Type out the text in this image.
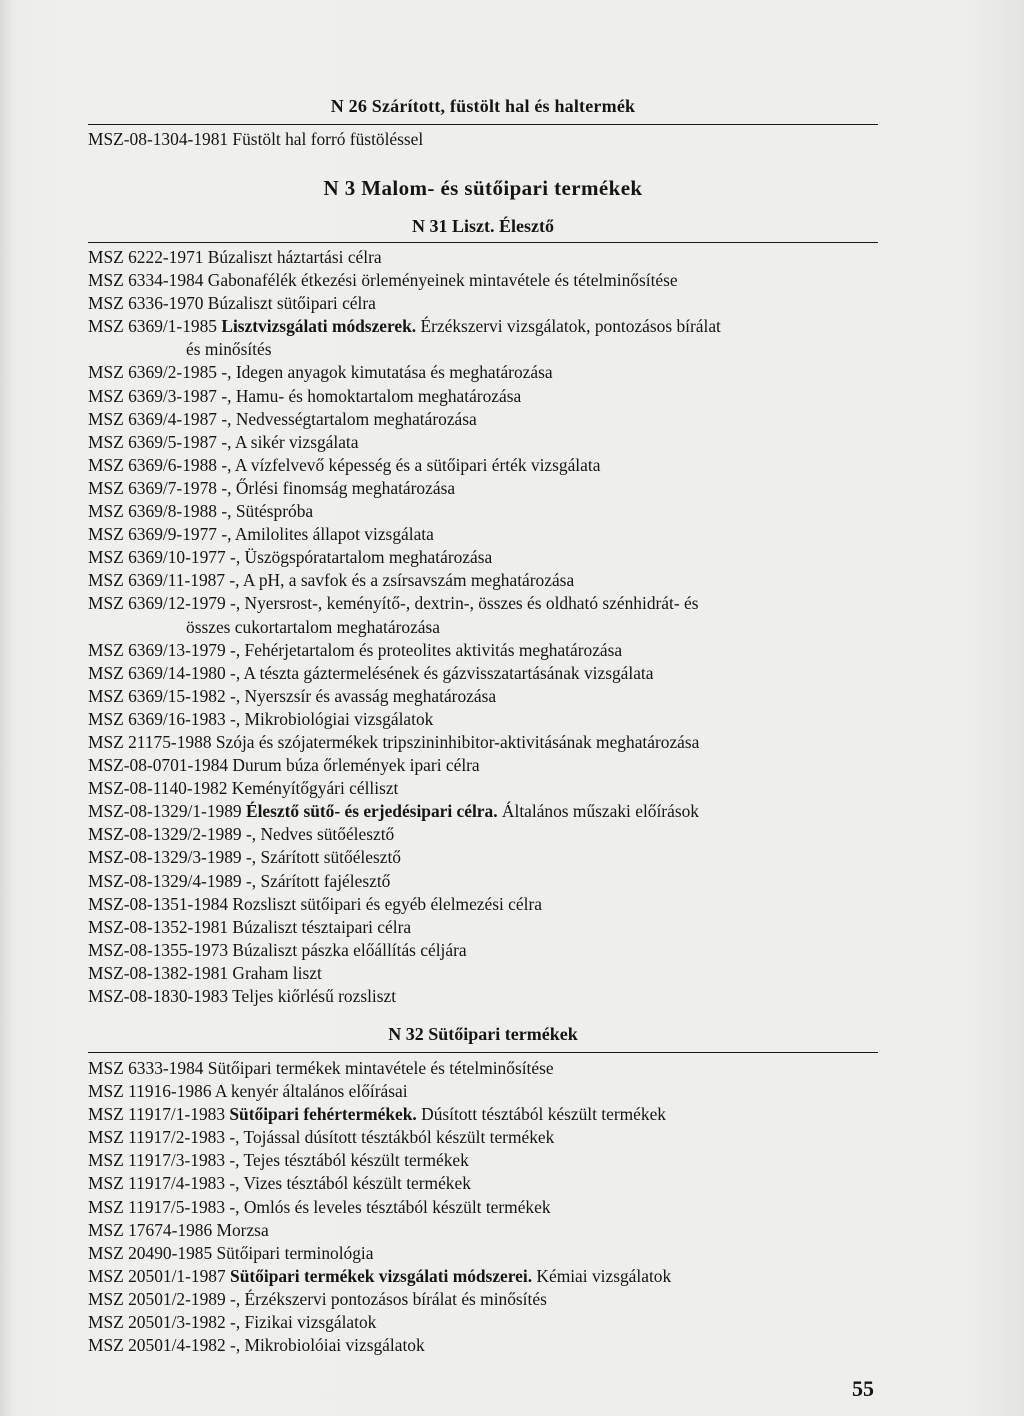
N 26 Szárított, füstölt hal és haltermék
MSZ-08-1304-1981 Füstölt hal forró füstöléssel
N 3 Malom- és sütőipari termékek
N 31 Liszt. Élesztő
MSZ 6222-1971 Búzaliszt háztartási célra
MSZ 6334-1984 Gabonafélék étkezési örleményeinek mintavétele és tételminősítése
MSZ 6336-1970 Búzaliszt sütőipari célra
MSZ 6369/1-1985 Lisztvizsgálati módszerek. Érzékszervi vizsgálatok, pontozásos bírálat
és minősítés
MSZ 6369/2-1985 -, Idegen anyagok kimutatása és meghatározása
MSZ 6369/3-1987 -, Hamu- és homoktartalom meghatározása
MSZ 6369/4-1987 -, Nedvességtartalom meghatározása
MSZ 6369/5-1987 -, A sikér vizsgálata
MSZ 6369/6-1988 -, A vízfelvevő képesség és a sütőipari érték vizsgálata
MSZ 6369/7-1978 -, Őrlési finomság meghatározása
MSZ 6369/8-1988 -, Sütéspróba
MSZ 6369/9-1977 -, Amilolites állapot vizsgálata
MSZ 6369/10-1977 -, Üszögspóratartalom meghatározása
MSZ 6369/11-1987 -, A pH, a savfok és a zsírsavszám meghatározása
MSZ 6369/12-1979 -, Nyersrost-, keményítő-, dextrin-, összes és oldható szénhidrát- és
összes cukortartalom meghatározása
MSZ 6369/13-1979 -, Fehérjetartalom és proteolites aktivitás meghatározása
MSZ 6369/14-1980 -, A tészta gáztermelésének és gázvisszatartásának vizsgálata
MSZ 6369/15-1982 -, Nyerszsír és avasság meghatározása
MSZ 6369/16-1983 -, Mikrobiológiai vizsgálatok
MSZ 21175-1988 Szója és szójatermékek tripszininhibitor-aktivitásának meghatározása
MSZ-08-0701-1984 Durum búza őrlemények ipari célra
MSZ-08-1140-1982 Keményítőgyári célliszt
MSZ-08-1329/1-1989 Élesztő sütő- és erjedésipari célra. Általános műszaki előírások
MSZ-08-1329/2-1989 -, Nedves sütőélesztő
MSZ-08-1329/3-1989 -, Szárított sütőélesztő
MSZ-08-1329/4-1989 -, Szárított fajélesztő
MSZ-08-1351-1984 Rozsliszt sütőipari és egyéb élelmezési célra
MSZ-08-1352-1981 Búzaliszt tésztaipari célra
MSZ-08-1355-1973 Búzaliszt pászka előállítás céljára
MSZ-08-1382-1981 Graham liszt
MSZ-08-1830-1983 Teljes kiőrlésű rozsliszt
N 32 Sütőipari termékek
MSZ 6333-1984 Sütőipari termékek mintavétele és tételminősítése
MSZ 11916-1986 A kenyér általános előírásai
MSZ 11917/1-1983 Sütőipari fehértermékek. Dúsított tésztából készült termékek
MSZ 11917/2-1983 -, Tojással dúsított tésztákból készült termékek
MSZ 11917/3-1983 -, Tejes tésztából készült termékek
MSZ 11917/4-1983 -, Vizes tésztából készült termékek
MSZ 11917/5-1983 -, Omlós és leveles tésztából készült termékek
MSZ 17674-1986 Morzsa
MSZ 20490-1985 Sütőipari terminológia
MSZ 20501/1-1987 Sütőipari termékek vizsgálati módszerei. Kémiai vizsgálatok
MSZ 20501/2-1989 -, Érzékszervi pontozásos bírálat és minősítés
MSZ 20501/3-1982 -, Fizikai vizsgálatok
MSZ 20501/4-1982 -, Mikrobiolóiai vizsgálatok
55
